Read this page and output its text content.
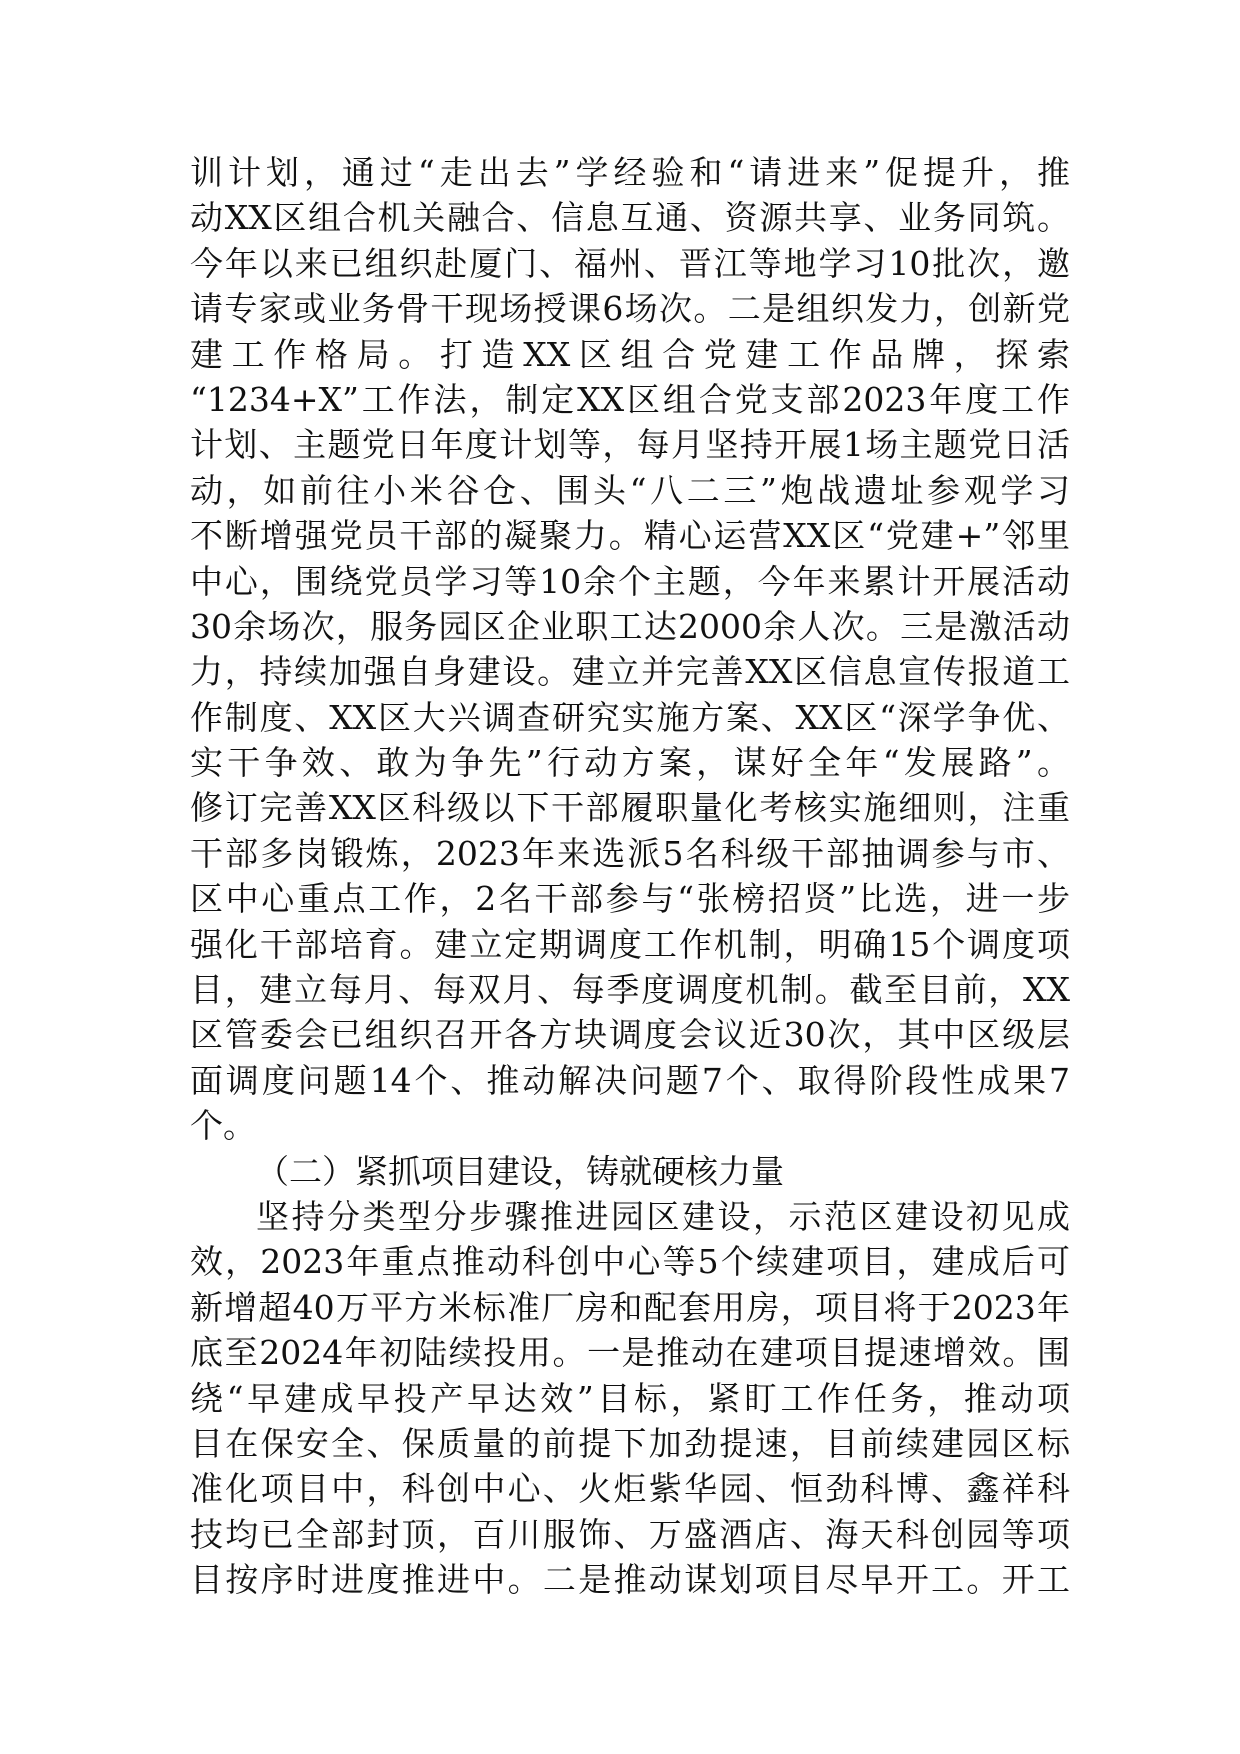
训计划，通过“走出去”学经验和“请进来”促提升，推
动XX区组合机关融合、信息互通、资源共享、业务同筑。
今年以来已组织赴厦门、福州、晋江等地学习10批次，邀
请专家或业务骨干现场授课6场次。二是组织发力，创新党
建工作格局。打造XX区组合党建工作品牌，探索
“1234+X”工作法，制定XX区组合党支部2023年度工作
计划、主题党日年度计划等，每月坚持开展1场主题党日活
动，如前往小米谷仓、围头“八二三”炮战遗址参观学习
不断增强党员干部的凝聚力。精心运营XX区“党建+”邻里
中心，围绕党员学习等10余个主题，今年来累计开展活动
30余场次，服务园区企业职工达2000余人次。三是激活动
力，持续加强自身建设。建立并完善XX区信息宣传报道工
作制度、XX区大兴调查研究实施方案、XX区“深学争优、
实干争效、敢为争先”行动方案，谋好全年“发展路”。
修订完善XX区科级以下干部履职量化考核实施细则，注重
干部多岗锻炼，2023年来选派5名科级干部抽调参与市、
区中心重点工作，2名干部参与“张榜招贤”比选，进一步
强化干部培育。建立定期调度工作机制，明确15个调度项
目，建立每月、每双月、每季度调度机制。截至目前，XX
区管委会已组织召开各方块调度会议近30次，其中区级层
面调度问题14个、推动解决问题7个、取得阶段性成果7
个。
（二）紧抓项目建设，铸就硬核力量
坚持分类型分步骤推进园区建设，示范区建设初见成
效，2023年重点推动科创中心等5个续建项目，建成后可
新增超40万平方米标准厂房和配套用房，项目将于2023年
底至2024年初陆续投用。一是推动在建项目提速增效。围
绕“早建成早投产早达效”目标，紧盯工作任务，推动项
目在保安全、保质量的前提下加劲提速，目前续建园区标
准化项目中，科创中心、火炬紫华园、恒劲科博、鑫祥科
技均已全部封顶，百川服饰、万盛酒店、海天科创园等项
目按序时进度推进中。二是推动谋划项目尽早开工。开工
